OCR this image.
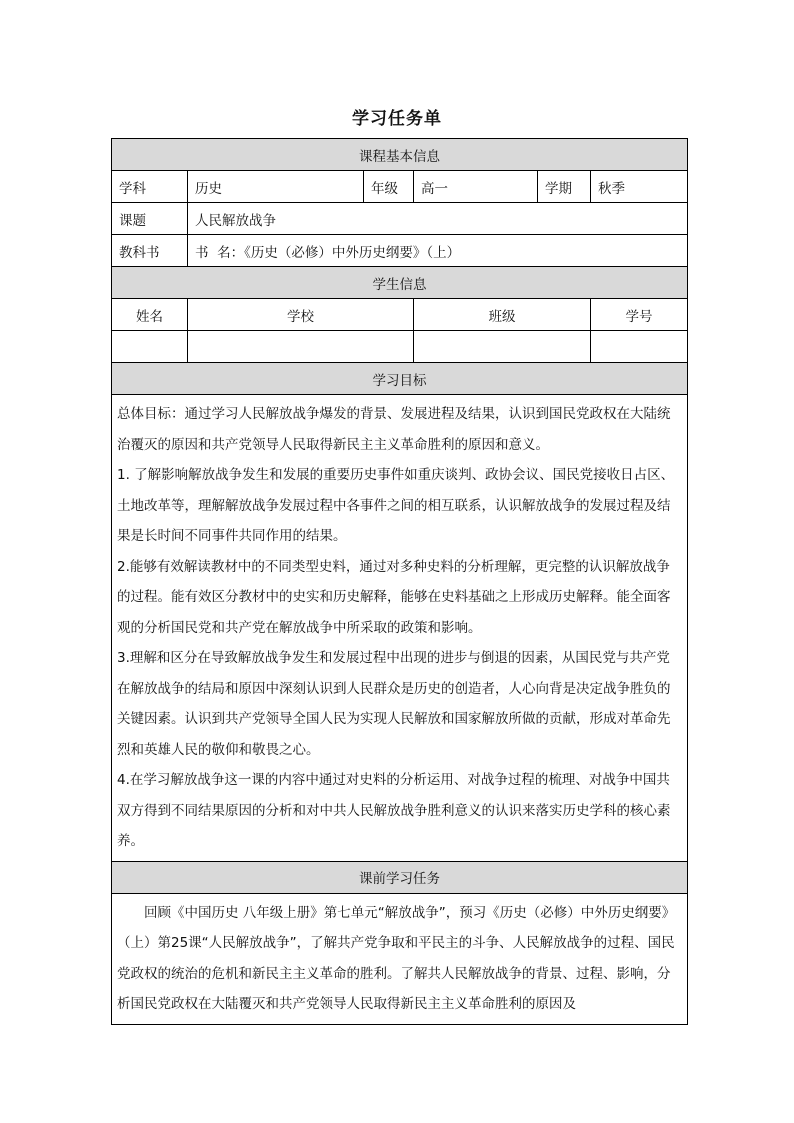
学习任务单
课程基本信息					
学科	历史	年级	高一	学期	秋季
课题	人民解放战争				
教科书	书  名：《历史（必修）中外历史纲要》（上）				
学生信息					
姓名	学校		班级		学号

学习目标					

总体目标：通过学习人民解放战争爆发的背景、发展进程及结果，认识到国民党政权在大陆统治覆灭的原因和共产党领导人民取得新民主主义革命胜利的原因和意义。

1. 了解影响解放战争发生和发展的重要历史事件如重庆谈判、政协会议、国民党接收日占区、土地改革等，理解解放战争发展过程中各事件之间的相互联系，认识解放战争的发展过程及结果是长时间不同事件共同作用的结果。

2.能够有效解读教材中的不同类型史料，通过对多种史料的分析理解，更完整的认识解放战争的过程。能有效区分教材中的史实和历史解释，能够在史料基础之上形成历史解释。能全面客观的分析国民党和共产党在解放战争中所采取的政策和影响。

3.理解和区分在导致解放战争发生和发展过程中出现的进步与倒退的因素，从国民党与共产党在解放战争的结局和原因中深刻认识到人民群众是历史的创造者，人心向背是决定战争胜负的关键因素。认识到共产党领导全国人民为实现人民解放和国家解放所做的贡献，形成对革命先烈和英雄人民的敬仰和敬畏之心。

4.在学习解放战争这一课的内容中通过对史料的分析运用、对战争过程的梳理、对战争中国共双方得到不同结果原因的分析和对中共人民解放战争胜利意义的认识来落实历史学科的核心素养。					

课前学习任务					

回顾《中国历史 八年级上册》第七单元“解放战争”，预习《历史（必修）中外历史纲要》（上）第25课“人民解放战争”，了解共产党争取和平民主的斗争、人民解放战争的过程、国民党政权的统治的危机和新民主主义革命的胜利。了解共人民解放战争的背景、过程、影响，分析国民党政权在大陆覆灭和共产党领导人民取得新民主主义革命胜利的原因及					
